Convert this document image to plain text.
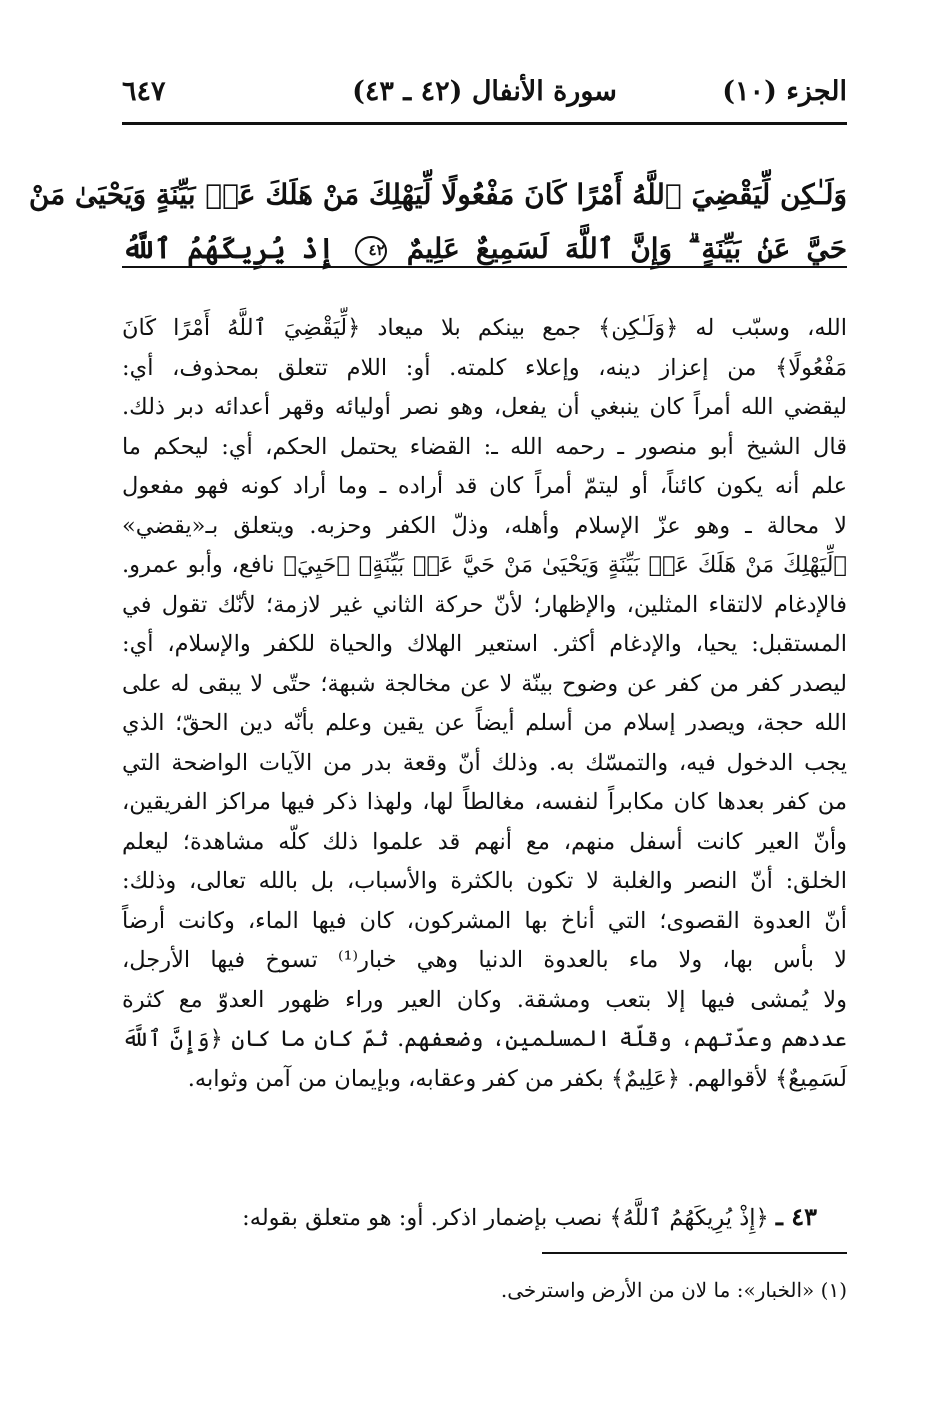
الجزء (١٠)
سورة الأنفال (٤٢ ـ ٤٣)
٦٤٧
وَلَـٰكِن لِّيَقْضِيَ ٱللَّهُ أَمْرًا كَانَ مَفْعُولًا لِّيَهْلِكَ مَنْ هَلَكَ عَنۢ بَيِّنَةٍ وَيَحْيَىٰ مَنْ
حَيَّ عَنۢ بَيِّنَةٍ ۗ وَإِنَّ ٱللَّهَ لَسَمِيعٌ عَلِيمٌ ٤٢ إِذْ يُرِيكَهُمُ ٱللَّهُ
الله، وسبّب له ﴿وَلَـٰكِن﴾ جمع بينكم بلا ميعاد ﴿لِّيَقْضِيَ ٱللَّهُ أَمْرًا كَانَ
مَفْعُولًا﴾ من إعزاز دينه، وإعلاء كلمته. أو: اللام تتعلق بمحذوف، أي:
ليقضي الله أمراً كان ينبغي أن يفعل، وهو نصر أوليائه وقهر أعدائه دبر ذلك.
قال الشيخ أبو منصور ـ رحمه الله ـ: القضاء يحتمل الحكم، أي: ليحكم ما
علم أنه يكون كائناً، أو ليتمّ أمراً كان قد أراده ـ وما أراد كونه فهو مفعول
لا محالة ـ وهو عزّ الإسلام وأهله، وذلّ الكفر وحزبه. ويتعلق بـ«يقضي»
﴿لِّيَهْلِكَ مَنْ هَلَكَ عَنۢ بَيِّنَةٍ وَيَحْيَىٰ مَنْ حَيَّ عَنۢ بَيِّنَةٍ﴾ ﴿حَيِيَ﴾ نافع، وأبو عمرو.
فالإدغام لالتقاء المثلين، والإظهار؛ لأنّ حركة الثاني غير لازمة؛ لأنّك تقول في
المستقبل: يحيا، والإدغام أكثر. استعير الهلاك والحياة للكفر والإسلام، أي:
ليصدر كفر من كفر عن وضوح بينّة لا عن مخالجة شبهة؛ حتّى لا يبقى له على
الله حجة، ويصدر إسلام من أسلم أيضاً عن يقين وعلم بأنّه دين الحقّ؛ الذي
يجب الدخول فيه، والتمسّك به. وذلك أنّ وقعة بدر من الآيات الواضحة التي
من كفر بعدها كان مكابراً لنفسه، مغالطاً لها، ولهذا ذكر فيها مراكز الفريقين،
وأنّ العير كانت أسفل منهم، مع أنهم قد علموا ذلك كلّه مشاهدة؛ ليعلم
الخلق: أنّ النصر والغلبة لا تكون بالكثرة والأسباب، بل بالله تعالى، وذلك:
أنّ العدوة القصوى؛ التي أناخ بها المشركون، كان فيها الماء، وكانت أرضاً
لا بأس بها، ولا ماء بالعدوة الدنيا وهي خبار⁽¹⁾ تسوخ فيها الأرجل،
ولا يُمشى فيها إلا بتعب ومشقة. وكان العير وراء ظهور العدوّ مع كثرة
عددهم وعدّتهم، وقلّة المسلمين، وضعفهم. ثمّ كان ما كان ﴿وَإِنَّ ٱللَّهَ
لَسَمِيعٌ﴾ لأقوالهم. ﴿عَلِيمٌ﴾ بكفر من كفر وعقابه، وبإيمان من آمن وثوابه.
٤٣ ـ ﴿إِذْ يُرِيكَهُمُ ٱللَّهُ﴾ نصب بإضمار اذكر. أو: هو متعلق بقوله:
(١) «الخبار»: ما لان من الأرض واسترخى.
